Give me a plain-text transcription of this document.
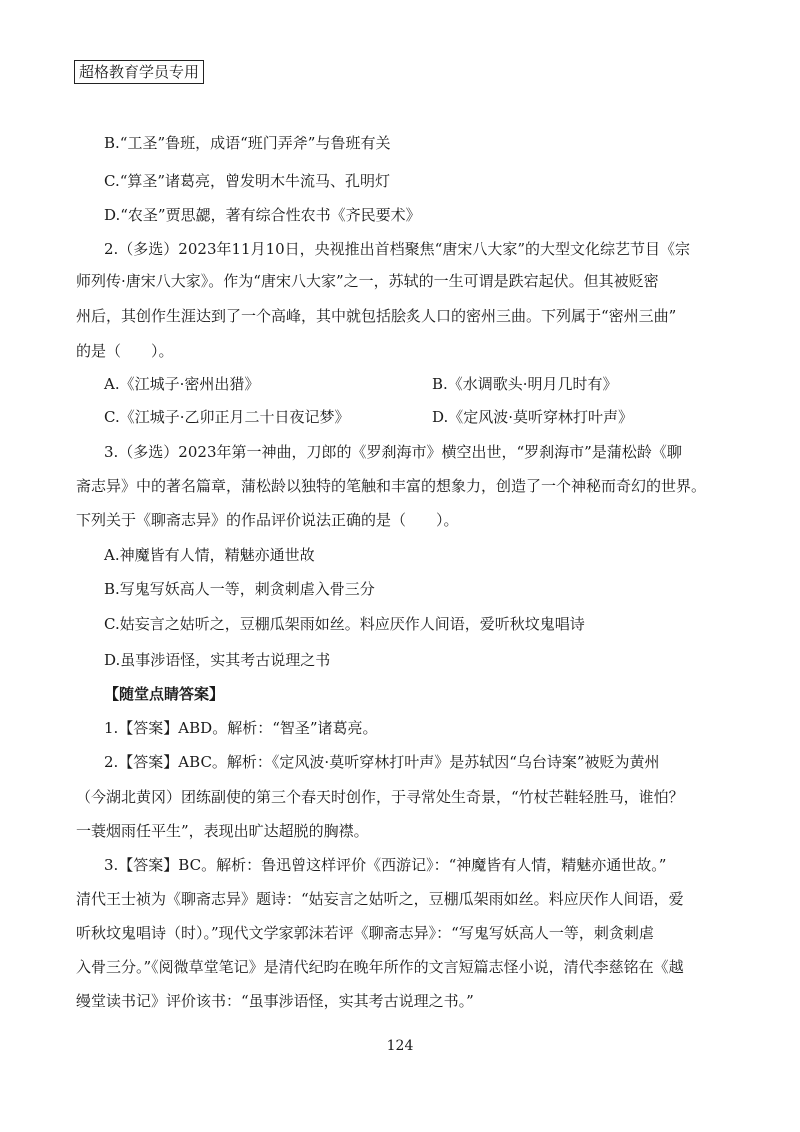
超格教育学员专用
B.“工圣”鲁班，成语“班门弄斧”与鲁班有关
C.“算圣”诸葛亮，曾发明木牛流马、孔明灯
D.“农圣”贾思勰，著有综合性农书《齐民要术》
2.（多选）2023年11月10日，央视推出首档聚焦“唐宋八大家”的大型文化综艺节目《宗
师列传·唐宋八大家》。作为“唐宋八大家”之一，苏轼的一生可谓是跌宕起伏。但其被贬密
州后，其创作生涯达到了一个高峰，其中就包括脍炙人口的密州三曲。下列属于“密州三曲”
的是（　　）。
A.《江城子·密州出猎》	B.《水调歌头·明月几时有》
C.《江城子·乙卯正月二十日夜记梦》	D.《定风波·莫听穿林打叶声》
3.（多选）2023年第一神曲，刀郎的《罗刹海市》横空出世，“罗刹海市”是蒲松龄《聊
斋志异》中的著名篇章，蒲松龄以独特的笔触和丰富的想象力，创造了一个神秘而奇幻的世界。
下列关于《聊斋志异》的作品评价说法正确的是（　　）。
A.神魔皆有人情，精魅亦通世故
B.写鬼写妖高人一等，刺贪刺虐入骨三分
C.姑妄言之姑听之，豆棚瓜架雨如丝。料应厌作人间语，爱听秋坟鬼唱诗
D.虽事涉语怪，实其考古说理之书
【随堂点睛答案】
1.【答案】ABD。解析：“智圣”诸葛亮。
2.【答案】ABC。解析：《定风波·莫听穿林打叶声》是苏轼因“乌台诗案”被贬为黄州
（今湖北黄冈）团练副使的第三个春天时创作，于寻常处生奇景，“竹杖芒鞋轻胜马，谁怕？
一蓑烟雨任平生”，表现出旷达超脱的胸襟。
3.【答案】BC。解析：鲁迅曾这样评价《西游记》：“神魔皆有人情，精魅亦通世故。”
清代王士祯为《聊斋志异》题诗：“姑妄言之姑听之，豆棚瓜架雨如丝。料应厌作人间语，爱
听秋坟鬼唱诗（时）。”现代文学家郭沫若评《聊斋志异》：“写鬼写妖高人一等，刺贪刺虐
入骨三分。”《阅微草堂笔记》是清代纪昀在晚年所作的文言短篇志怪小说，清代李慈铭在《越
缦堂读书记》评价该书：“虽事涉语怪，实其考古说理之书。”
124
